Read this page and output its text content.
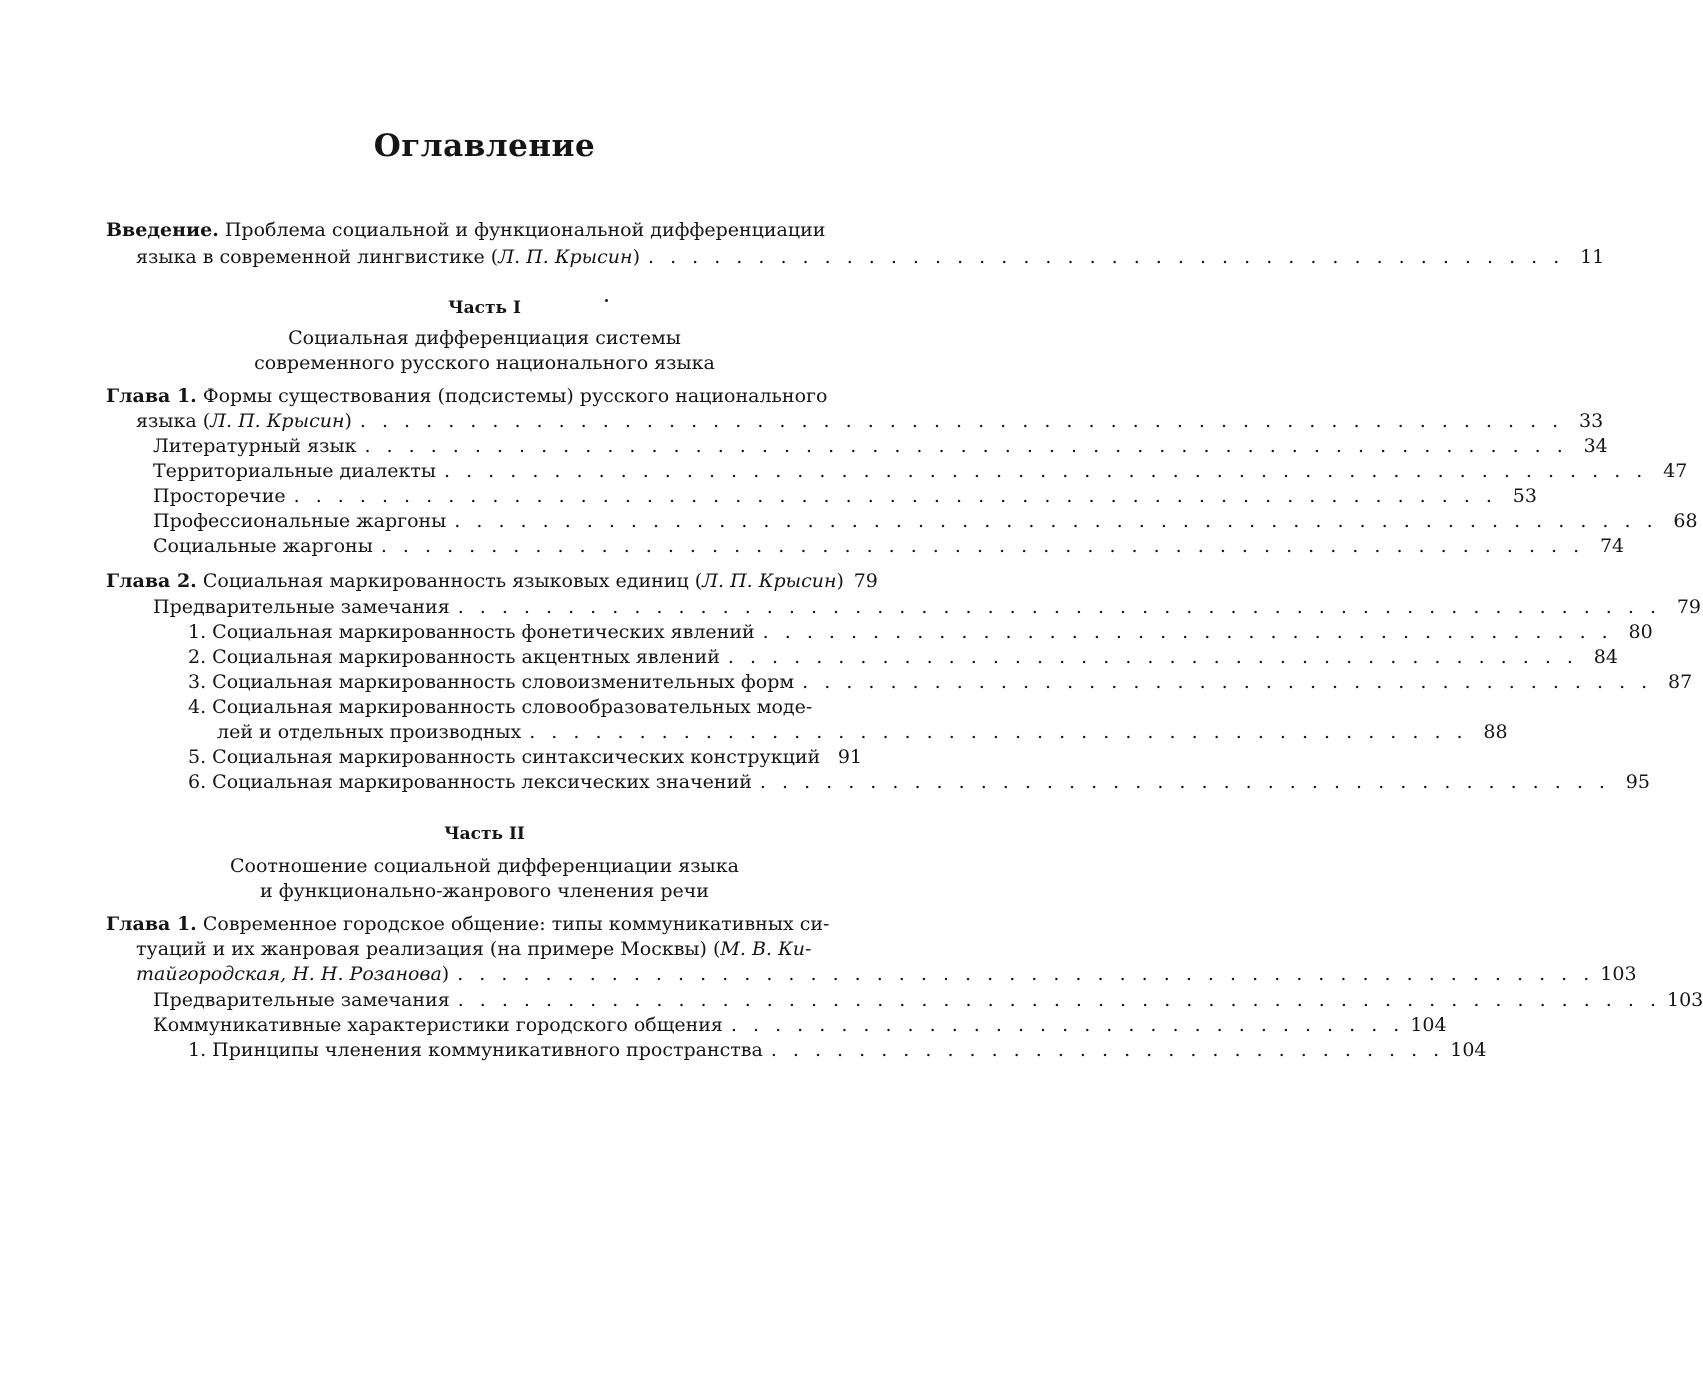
Оглавление
Введение. Проблема социальной и функциональной дифференциации
языка в современной лингвистике (Л. П. Крысин) . . . . . . . . . . . . . . . . . . . . . . . . . . . . . . . . . . . . . . . . . . 11
Часть I
Социальная дифференциация системы
современного русского национального языка
Глава 1. Формы существования (подсистемы) русского национального
языка (Л. П. Крысин) . . . . . . . . . . . . . . . . . . . . . . . . . . . . . . . . . . . . . . . . . . . . . . . . . . . . . . . 33
Литературный язык . . . . . . . . . . . . . . . . . . . . . . . . . . . . . . . . . . . . . . . . . . . . . . . . . . . . . . . 34
Территориальные диалекты . . . . . . . . . . . . . . . . . . . . . . . . . . . . . . . . . . . . . . . . . . . . . . . . . . . . . . . 47
Просторечие . . . . . . . . . . . . . . . . . . . . . . . . . . . . . . . . . . . . . . . . . . . . . . . . . . . . . . . 53
Профессиональные жаргоны . . . . . . . . . . . . . . . . . . . . . . . . . . . . . . . . . . . . . . . . . . . . . . . . . . . . . . . 68
Социальные жаргоны . . . . . . . . . . . . . . . . . . . . . . . . . . . . . . . . . . . . . . . . . . . . . . . . . . . . . . . 74
Глава 2. Социальная маркированность языковых единиц (Л. П. Крысин) 79
Предварительные замечания . . . . . . . . . . . . . . . . . . . . . . . . . . . . . . . . . . . . . . . . . . . . . . . . . . . . . . . 79
1. Социальная маркированность фонетических явлений . . . . . . . . . . . . . . . . . . . . . . . . . . . . . . . . . . . . . . . 80
2. Социальная маркированность акцентных явлений . . . . . . . . . . . . . . . . . . . . . . . . . . . . . . . . . . . . . . . 84
3. Социальная маркированность словоизменительных форм . . . . . . . . . . . . . . . . . . . . . . . . . . . . . . . . . . . . . . . 87
4. Социальная маркированность словообразовательных моде-
лей и отдельных производных . . . . . . . . . . . . . . . . . . . . . . . . . . . . . . . . . . . . . . . . . . . 88
5. Социальная маркированность синтаксических конструкций 91
6. Социальная маркированность лексических значений . . . . . . . . . . . . . . . . . . . . . . . . . . . . . . . . . . . . . . . 95
Часть II
Соотношение социальной дифференциации языка
и функционально-жанрового членения речи
Глава 1. Современное городское общение: типы коммуникативных си-
туаций и их жанровая реализация (на примере Москвы) (М. В. Ки-
тайгородская, Н. Н. Розанова) . . . . . . . . . . . . . . . . . . . . . . . . . . . . . . . . . . . . . . . . . . . . . . . . . . . . 103
Предварительные замечания . . . . . . . . . . . . . . . . . . . . . . . . . . . . . . . . . . . . . . . . . . . . . . . . . . . . . . . 103
Коммуникативные характеристики городского общения . . . . . . . . . . . . . . . . . . . . . . . . . . . . . . . 104
1. Принципы членения коммуникативного пространства . . . . . . . . . . . . . . . . . . . . . . . . . . . . . . . 104
